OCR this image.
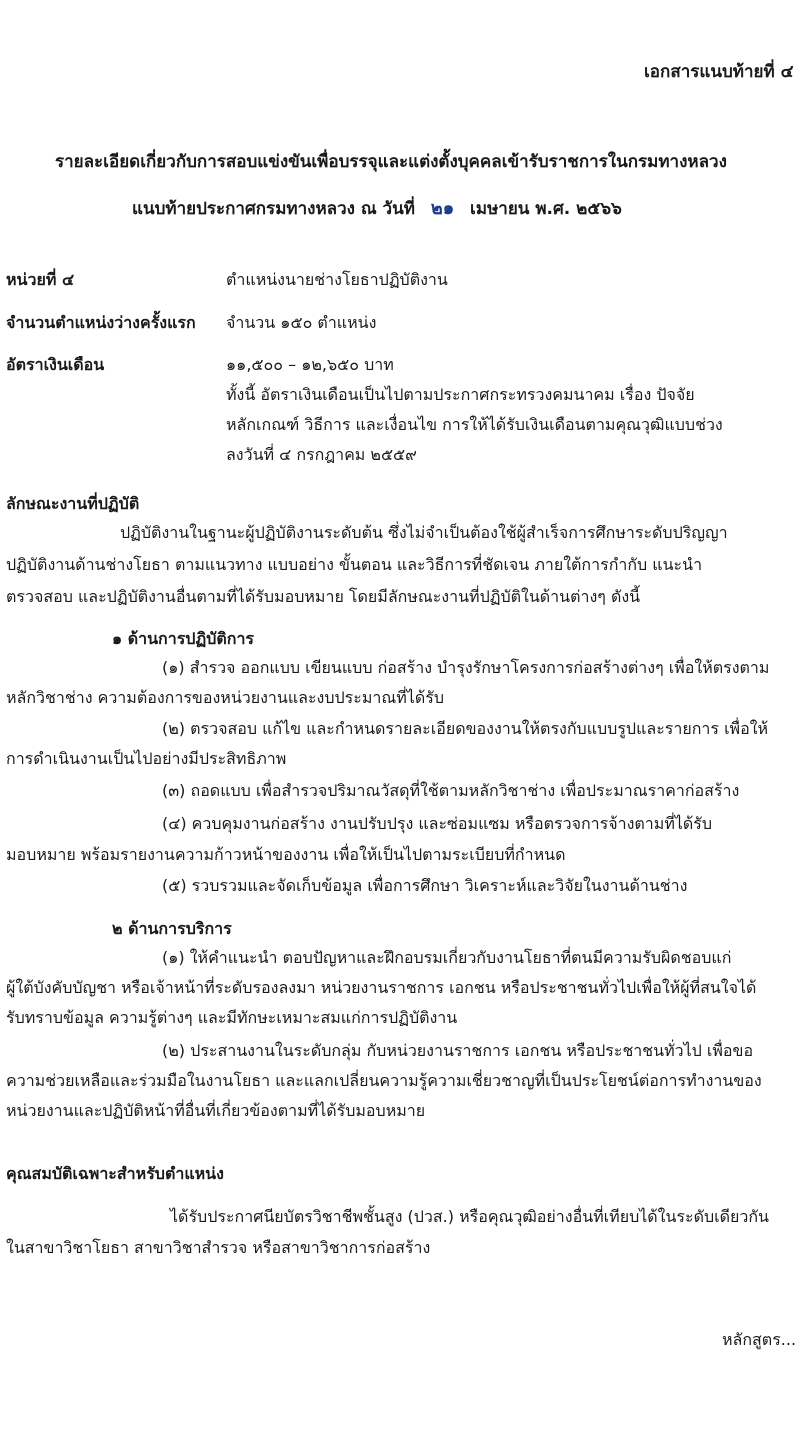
เอกสารแนบท้ายที่ ๔
รายละเอียดเกี่ยวกับการสอบแข่งขันเพื่อบรรจุและแต่งตั้งบุคคลเข้ารับราชการในกรมทางหลวง
แนบท้ายประกาศกรมทางหลวง ณ วันที่ ๒๑ เมษายน พ.ศ. ๒๕๖๖
หน่วยที่ ๔	ตำแหน่งนายช่างโยธาปฏิบัติงาน
จำนวนตำแหน่งว่างครั้งแรก จำนวน ๑๕๐ ตำแหน่ง
อัตราเงินเดือน	๑๑,๕๐๐ – ๑๒,๖๕๐ บาท
ทั้งนี้ อัตราเงินเดือนเป็นไปตามประกาศกระทรวงคมนาคม เรื่อง ปัจจัย
หลักเกณฑ์ วิธีการ และเงื่อนไข การให้ได้รับเงินเดือนตามคุณวุฒิแบบช่วง
ลงวันที่ ๔ กรกฎาคม ๒๕๕๙
ลักษณะงานที่ปฏิบัติ
ปฏิบัติงานในฐานะผู้ปฏิบัติงานระดับต้น ซึ่งไม่จำเป็นต้องใช้ผู้สำเร็จการศึกษาระดับปริญญา
ปฏิบัติงานด้านช่างโยธา ตามแนวทาง แบบอย่าง ขั้นตอน และวิธีการที่ชัดเจน ภายใต้การกำกับ แนะนำ
ตรวจสอบ และปฏิบัติงานอื่นตามที่ได้รับมอบหมาย โดยมีลักษณะงานที่ปฏิบัติในด้านต่างๆ ดังนี้
๑ ด้านการปฏิบัติการ
(๑) สำรวจ ออกแบบ เขียนแบบ ก่อสร้าง บำรุงรักษาโครงการก่อสร้างต่างๆ เพื่อให้ตรงตาม
หลักวิชาช่าง ความต้องการของหน่วยงานและงบประมาณที่ได้รับ
(๒) ตรวจสอบ แก้ไข และกำหนดรายละเอียดของงานให้ตรงกับแบบรูปและรายการ เพื่อให้
การดำเนินงานเป็นไปอย่างมีประสิทธิภาพ
(๓) ถอดแบบ เพื่อสำรวจปริมาณวัสดุที่ใช้ตามหลักวิชาช่าง เพื่อประมาณราคาก่อสร้าง
(๔) ควบคุมงานก่อสร้าง งานปรับปรุง และซ่อมแซม หรือตรวจการจ้างตามที่ได้รับ
มอบหมาย พร้อมรายงานความก้าวหน้าของงาน เพื่อให้เป็นไปตามระเบียบที่กำหนด
(๕) รวบรวมและจัดเก็บข้อมูล เพื่อการศึกษา วิเคราะห์และวิจัยในงานด้านช่าง
๒ ด้านการบริการ
(๑) ให้คำแนะนำ ตอบปัญหาและฝึกอบรมเกี่ยวกับงานโยธาที่ตนมีความรับผิดชอบแก่
ผู้ใต้บังคับบัญชา หรือเจ้าหน้าที่ระดับรองลงมา หน่วยงานราชการ เอกชน หรือประชาชนทั่วไปเพื่อให้ผู้ที่สนใจได้
รับทราบข้อมูล ความรู้ต่างๆ และมีทักษะเหมาะสมแก่การปฏิบัติงาน
(๒) ประสานงานในระดับกลุ่ม กับหน่วยงานราชการ เอกชน หรือประชาชนทั่วไป เพื่อขอ
ความช่วยเหลือและร่วมมือในงานโยธา และแลกเปลี่ยนความรู้ความเชี่ยวชาญที่เป็นประโยชน์ต่อการทำงานของ
หน่วยงานและปฏิบัติหน้าที่อื่นที่เกี่ยวข้องตามที่ได้รับมอบหมาย
คุณสมบัติเฉพาะสำหรับตำแหน่ง
ได้รับประกาศนียบัตรวิชาชีพชั้นสูง (ปวส.) หรือคุณวุฒิอย่างอื่นที่เทียบได้ในระดับเดียวกัน
ในสาขาวิชาโยธา สาขาวิชาสำรวจ หรือสาขาวิชาการก่อสร้าง
หลักสูตร...
